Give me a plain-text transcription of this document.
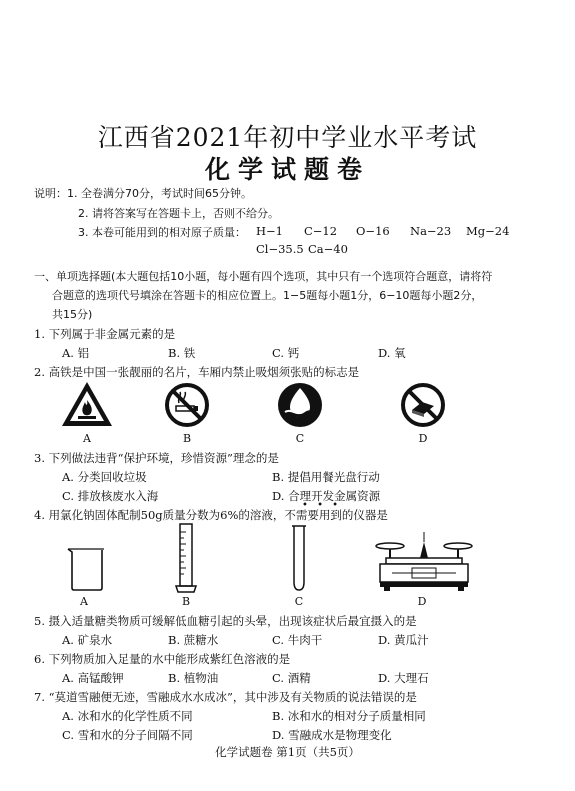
江西省2021年初中学业水平考试
化学试题卷
说明：1. 全卷满分70分，考试时间65分钟。
2. 请将答案写在答题卡上，否则不给分。
3. 本卷可能用到的相对原子质量： H−1 C−12 O−16 Na−23 Mg−24
Cl−35.5 Ca−40
一、单项选择题(本大题包括10小题，每小题有四个选项，其中只有一个选项符合题意，请将符
合题意的选项代号填涂在答题卡的相应位置上。1−5题每小题1分，6−10题每小题2分，
共15分)
1. 下列属于非金属元素的是
A. 铝	B. 铁	C. 钙	D. 氧
2. 高铁是中国一张靓丽的名片，车厢内禁止吸烟须张贴的标志是
A	B	C	D
3. 下列做法违背“保护环境，珍惜资源”理念的是
A. 分类回收垃圾	B. 提倡用餐光盘行动
C. 排放核废水入海	D. 合理开发金属资源
4. 用氯化钠固体配制50g质量分数为6%的溶液，不需要用到的仪器是
• • •
A	B	C	D
5. 摄入适量糖类物质可缓解低血糖引起的头晕，出现该症状后最宜摄入的是
A. 矿泉水	B. 蔗糖水	C. 牛肉干	D. 黄瓜汁
6. 下列物质加入足量的水中能形成紫红色溶液的是
A. 高锰酸钾	B. 植物油	C. 酒精	D. 大理石
7. “莫道雪融便无迹，雪融成水水成冰”，其中涉及有关物质的说法错误的是
A. 冰和水的化学性质不同	B. 冰和水的相对分子质量相同
C. 雪和水的分子间隔不同	D. 雪融成水是物理变化
化学试题卷 第1页（共5页）
